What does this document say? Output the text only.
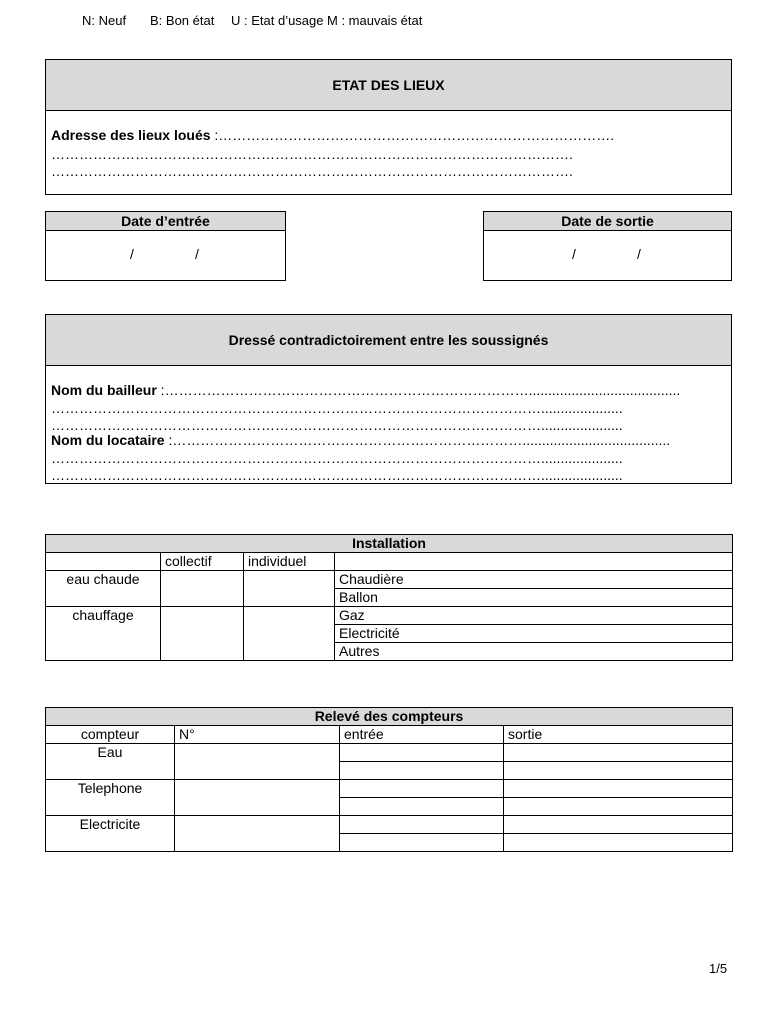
N: Neuf B: Bon état U : Etat d’usage M : mauvais état
ETAT DES LIEUX
Adresse des lieux loués :………………………………………………………………………….
………………………………………………………………………………………………….
………………………………………………………………………………………………….
Date d’entrée
/	/
Date de sortie
/	/
Dressé contradictoirement entre les soussignés
Nom du bailleur :…………………………………………………………………….......................................
…………………………………………………………………………………………….....................
…………………………………………………………………………………………….....................
Nom du locataire :…………………………………………………………………......................................
…………………………………………………………………………………………….....................
…………………………………………………………………………………………….....................
Installation			
	collectif	individuel	
eau chaude			Chaudière
			Ballon
chauffage			Gaz
			Electricité
			Autres
Relevé des compteurs			
compteur	N°	entrée	sortie
Eau			

Telephone			

Electricite			

1/5
